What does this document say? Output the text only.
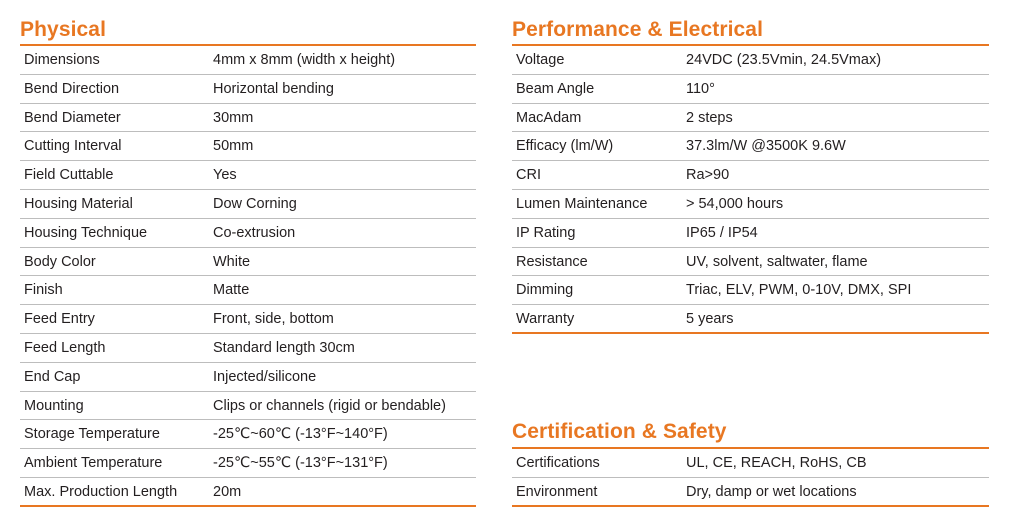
Physical
Dimensions	4mm x 8mm (width x height)
Bend Direction	Horizontal bending
Bend Diameter	30mm
Cutting Interval	50mm
Field Cuttable	Yes
Housing Material	Dow Corning
Housing Technique	Co-extrusion
Body Color	White
Finish	Matte
Feed Entry	Front, side, bottom
Feed Length	Standard length 30cm
End Cap	Injected/silicone
Mounting	Clips or channels (rigid or bendable)
Storage Temperature	-25℃~60℃ (-13°F~140°F)
Ambient Temperature	-25℃~55℃ (-13°F~131°F)
Max. Production Length 20m
Performance & Electrical
Voltage	24VDC (23.5Vmin, 24.5Vmax)
Beam Angle	110°
MacAdam	2 steps
Efficacy (lm/W)	37.3lm/W @3500K 9.6W
CRI	Ra>90
Lumen Maintenance	> 54,000 hours
IP Rating	IP65 / IP54
Resistance	UV, solvent, saltwater, flame
Dimming	Triac, ELV, PWM, 0-10V, DMX, SPI
Warranty	5 years
Certification & Safety
Certifications	UL, CE, REACH, RoHS, CB
Environment	Dry, damp or wet locations
